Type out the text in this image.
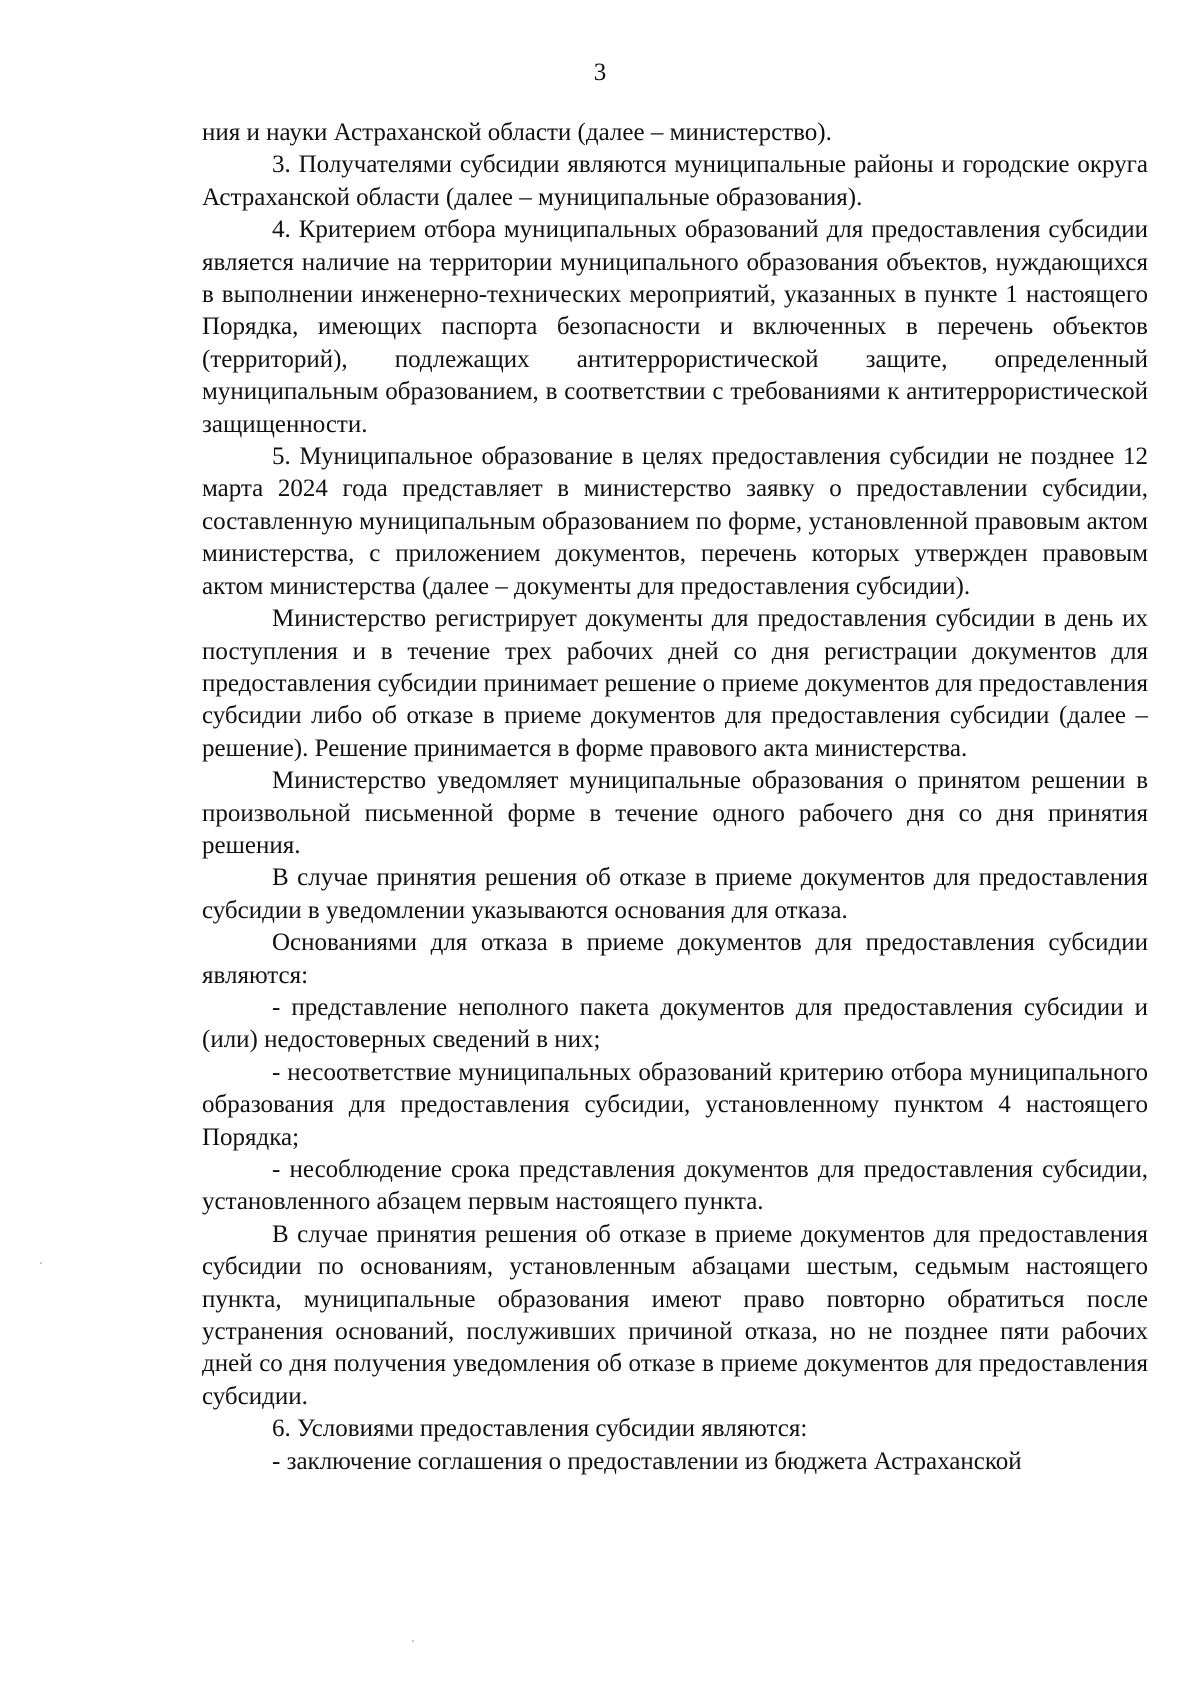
3

ния и науки Астраханской области (далее – министерство).

3. Получателями субсидии являются муниципальные районы и городские округа Астраханской области (далее – муниципальные образования).

4. Критерием отбора муниципальных образований для предоставления субсидии является наличие на территории муниципального образования объектов, нуждающихся в выполнении инженерно-технических мероприятий, указанных в пункте 1 настоящего Порядка, имеющих паспорта безопасности и включенных в перечень объектов (территорий), подлежащих антитеррористической защите, определенный муниципальным образованием, в соответствии с требованиями к антитеррористической защищенности.

5. Муниципальное образование в целях предоставления субсидии не позднее 12 марта 2024 года представляет в министерство заявку о предоставлении субсидии, составленную муниципальным образованием по форме, установленной правовым актом министерства, с приложением документов, перечень которых утвержден правовым актом министерства (далее – документы для предоставления субсидии).

Министерство регистрирует документы для предоставления субсидии в день их поступления и в течение трех рабочих дней со дня регистрации документов для предоставления субсидии принимает решение о приеме документов для предоставления субсидии либо об отказе в приеме документов для предоставления субсидии (далее – решение). Решение принимается в форме правового акта министерства.

Министерство уведомляет муниципальные образования о принятом решении в произвольной письменной форме в течение одного рабочего дня со дня принятия решения.

В случае принятия решения об отказе в приеме документов для предоставления субсидии в уведомлении указываются основания для отказа.

Основаниями для отказа в приеме документов для предоставления субсидии являются:

- представление неполного пакета документов для предоставления субсидии и (или) недостоверных сведений в них;

- несоответствие муниципальных образований критерию отбора муниципального образования для предоставления субсидии, установленному пунктом 4 настоящего Порядка;

- несоблюдение срока представления документов для предоставления субсидии, установленного абзацем первым настоящего пункта.

В случае принятия решения об отказе в приеме документов для предоставления субсидии по основаниям, установленным абзацами шестым, седьмым настоящего пункта, муниципальные образования имеют право повторно обратиться после устранения оснований, послуживших причиной отказа, но не позднее пяти рабочих дней со дня получения уведомления об отказе в приеме документов для предоставления субсидии.

6. Условиями предоставления субсидии являются:

- заключение соглашения о предоставлении из бюджета Астраханской
